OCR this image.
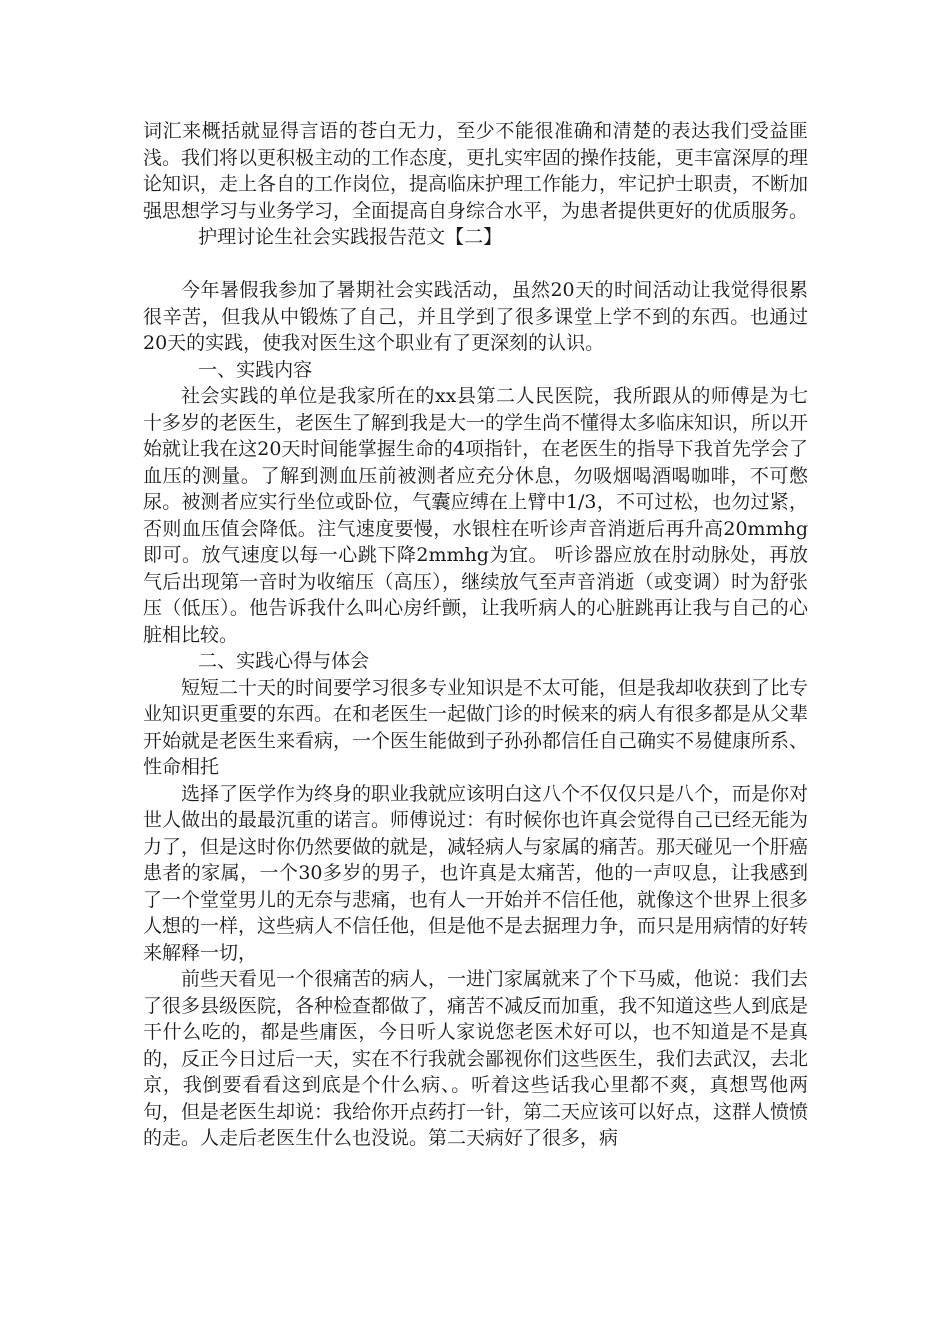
词汇来概括就显得言语的苍白无力，至少不能很准确和清楚的表达我们受益匪浅。我们将以更积极主动的工作态度，更扎实牢固的操作技能，更丰富深厚的理论知识，走上各自的工作岗位，提高临床护理工作能力，牢记护士职责，不断加强思想学习与业务学习，全面提高自身综合水平，为患者提供更好的优质服务。

护理讨论生社会实践报告范文【二】

今年暑假我参加了暑期社会实践活动，虽然20天的时间活动让我觉得很累很辛苦，但我从中锻炼了自己，并且学到了很多课堂上学不到的东西。也通过20天的实践，使我对医生这个职业有了更深刻的认识。

一、实践内容

社会实践的单位是我家所在的xx县第二人民医院，我所跟从的师傅是为七十多岁的老医生，老医生了解到我是大一的学生尚不懂得太多临床知识，所以开始就让我在这20天时间能掌握生命的4项指针，在老医生的指导下我首先学会了血压的测量。了解到测血压前被测者应充分休息，勿吸烟喝酒喝咖啡，不可憋尿。被测者应实行坐位或卧位，气囊应缚在上臂中1/3，不可过松，也勿过紧，否则血压值会降低。注气速度要慢，水银柱在听诊声音消逝后再升高20mmhg即可。放气速度以每一心跳下降2mmhg为宜。 听诊器应放在肘动脉处，再放气后出现第一音时为收缩压（高压），继续放气至声音消逝（或变调）时为舒张压（低压）。他告诉我什么叫心房纤颤，让我听病人的心脏跳再让我与自己的心脏相比较。

二、实践心得与体会

短短二十天的时间要学习很多专业知识是不太可能，但是我却收获到了比专业知识更重要的东西。在和老医生一起做门诊的时候来的病人有很多都是从父辈开始就是老医生来看病，一个医生能做到子孙孙都信任自己确实不易健康所系、性命相托

选择了医学作为终身的职业我就应该明白这八个不仅仅只是八个，而是你对世人做出的最最沉重的诺言。师傅说过：有时候你也许真会觉得自己已经无能为力了，但是这时你仍然要做的就是，减轻病人与家属的痛苦。那天碰见一个肝癌患者的家属，一个30多岁的男子，也许真是太痛苦，他的一声叹息，让我感到了一个堂堂男儿的无奈与悲痛，也有人一开始并不信任他，就像这个世界上很多人想的一样，这些病人不信任他，但是他不是去据理力争，而只是用病情的好转来解释一切，

前些天看见一个很痛苦的病人，一进门家属就来了个下马威，他说：我们去了很多县级医院，各种检查都做了，痛苦不减反而加重，我不知道这些人到底是干什么吃的，都是些庸医，今日听人家说您老医术好可以，也不知道是不是真的，反正今日过后一天，实在不行我就会鄙视你们这些医生，我们去武汉，去北京，我倒要看看这到底是个什么病、。听着这些话我心里都不爽，真想骂他两句，但是老医生却说：我给你开点药打一针，第二天应该可以好点，这群人愤愤的走。人走后老医生什么也没说。第二天病好了很多，病
